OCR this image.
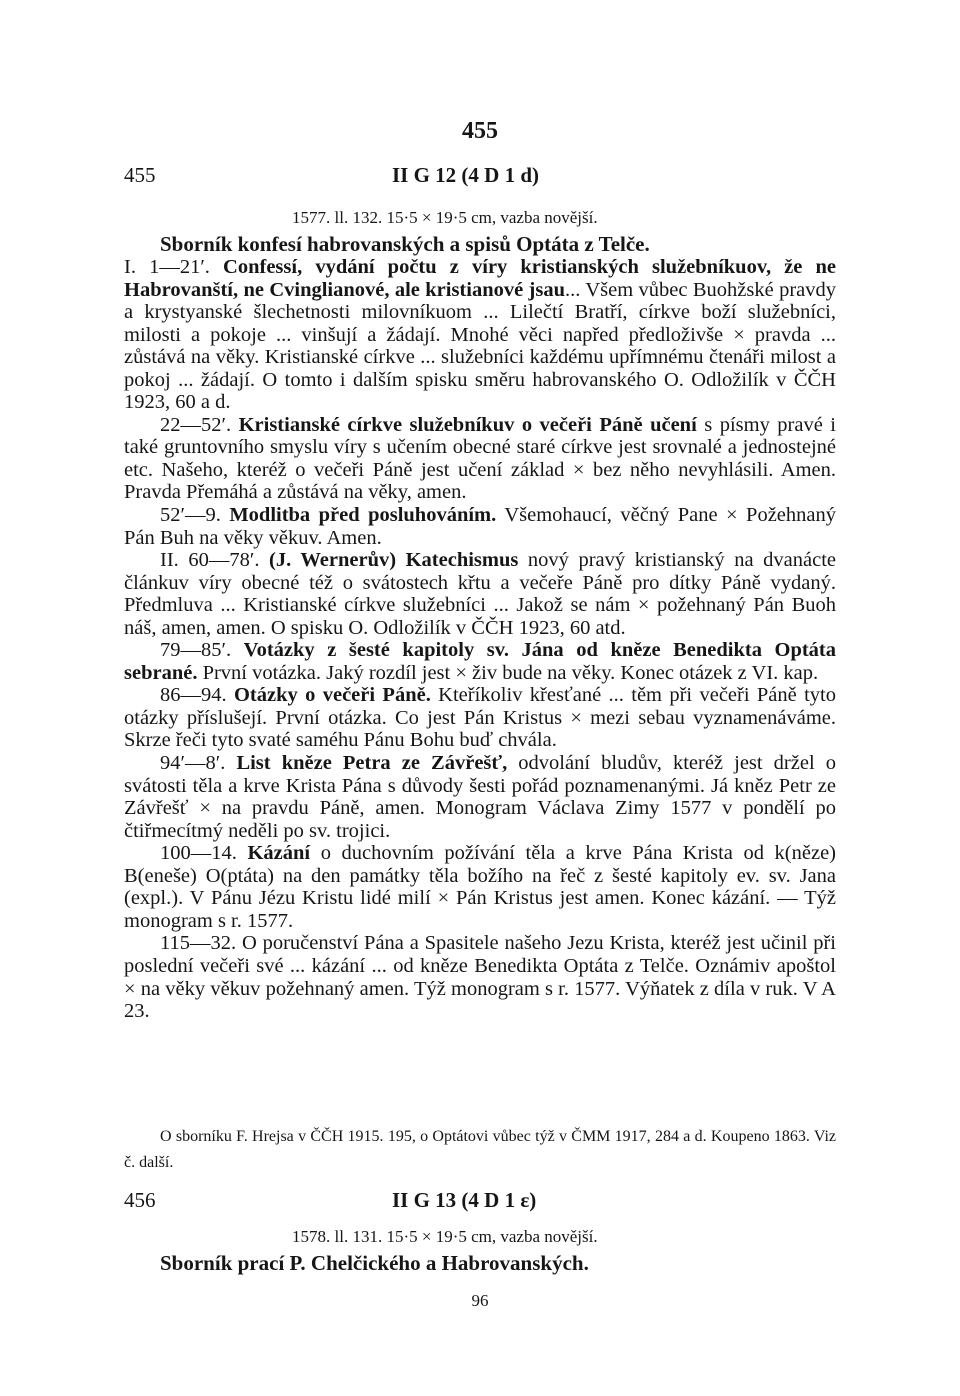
455
455	II G 12 (4 D 1 d)
1577. ll. 132. 15·5 × 19·5 cm, vazba novější.
Sborník konfesí habrovanských a spisů Optáta z Telče.

I. 1—21′. Confessí, vydání počtu z víry kristianských služebníkuov, že ne Habrovanští, ne Cvinglianové, ale kristianové jsau... Všem vůbec Buohžské pravdy a krystyanské šlechetnosti milovníkuom ... Lilečtí Bratří, církve boží služebníci, milosti a pokoje ... vinšují a žádají. Mnohé věci napřed předloživše × pravda ... zůstává na věky. Kristianské církve ... služebníci každému upřímnému čtenáři milost a pokoj ... žádají. O tomto i dalším spisku směru habrovanského O. Odložilík v ČČH 1923, 60 a d.

22—52′. Kristianské církve služebníkuv o večeři Páně učení s písmy pravé i také gruntovního smyslu víry s učením obecné staré církve jest srovnalé a jednostejné etc. Našeho, kteréž o večeři Páně jest učení základ × bez něho nevyhlásili. Amen. Pravda Přemáhá a zůstává na věky, amen.

52′—9. Modlitba před posluhováním. Všemohaucí, věčný Pane × Požehnaný Pán Buh na věky věkuv. Amen.

II. 60—78′. (J. Wernerův) Katechismus nový pravý kristianský na dvanácte článkuv víry obecné též o svátostech křtu a večeře Páně pro dítky Páně vydaný. Předmluva ... Kristianské církve služebníci ... Jakož se nám × požehnaný Pán Buoh náš, amen, amen. O spisku O. Odložilík v ČČH 1923, 60 atd.

79—85′. Votázky z šesté kapitoly sv. Jána od kněze Benedikta Optáta sebrané. První votázka. Jaký rozdíl jest × živ bude na věky. Konec otázek z VI. kap.

86—94. Otázky o večeři Páně. Kteříkoliv křesťané ... těm při večeři Páně tyto otázky příslušejí. První otázka. Co jest Pán Kristus × mezi sebau vyznamenáváme. Skrze řeči tyto svaté saméhu Pánu Bohu buď chvála.

94′—8′. List kněze Petra ze Závřešť, odvolání bludův, kteréž jest držel o svátosti těla a krve Krista Pána s důvody šesti pořád poznamenanými. Já kněz Petr ze Závřešť × na pravdu Páně, amen. Monogram Václava Zimy 1577 v pondělí po čtiřmecítmý neděli po sv. trojici.

100—14. Kázání o duchovním požívání těla a krve Pána Krista od k(něze) B(eneše) O(ptáta) na den památky těla božího na řeč z šesté kapitoly ev. sv. Jana (expl.). V Pánu Jézu Kristu lidé milí × Pán Kristus jest amen. Konec kázání. — Týž monogram s r. 1577.

115—32. O poručenství Pána a Spasitele našeho Jezu Krista, kteréž jest učinil při poslední večeři své ... kázání ... od kněze Benedikta Optáta z Telče. Oznámiv apoštol × na věky věkuv požehnaný amen. Týž monogram s r. 1577. Výňatek z díla v ruk. V A 23.

O sborníku F. Hrejsa v ČČH 1915. 195, o Optátovi vůbec týž v ČMM 1917, 284 a d. Koupeno 1863. Viz č. další.
456	II G 13 (4 D 1 ε)
1578. ll. 131. 15·5 × 19·5 cm, vazba novější.
Sborník prací P. Chelčického a Habrovanských.
96
